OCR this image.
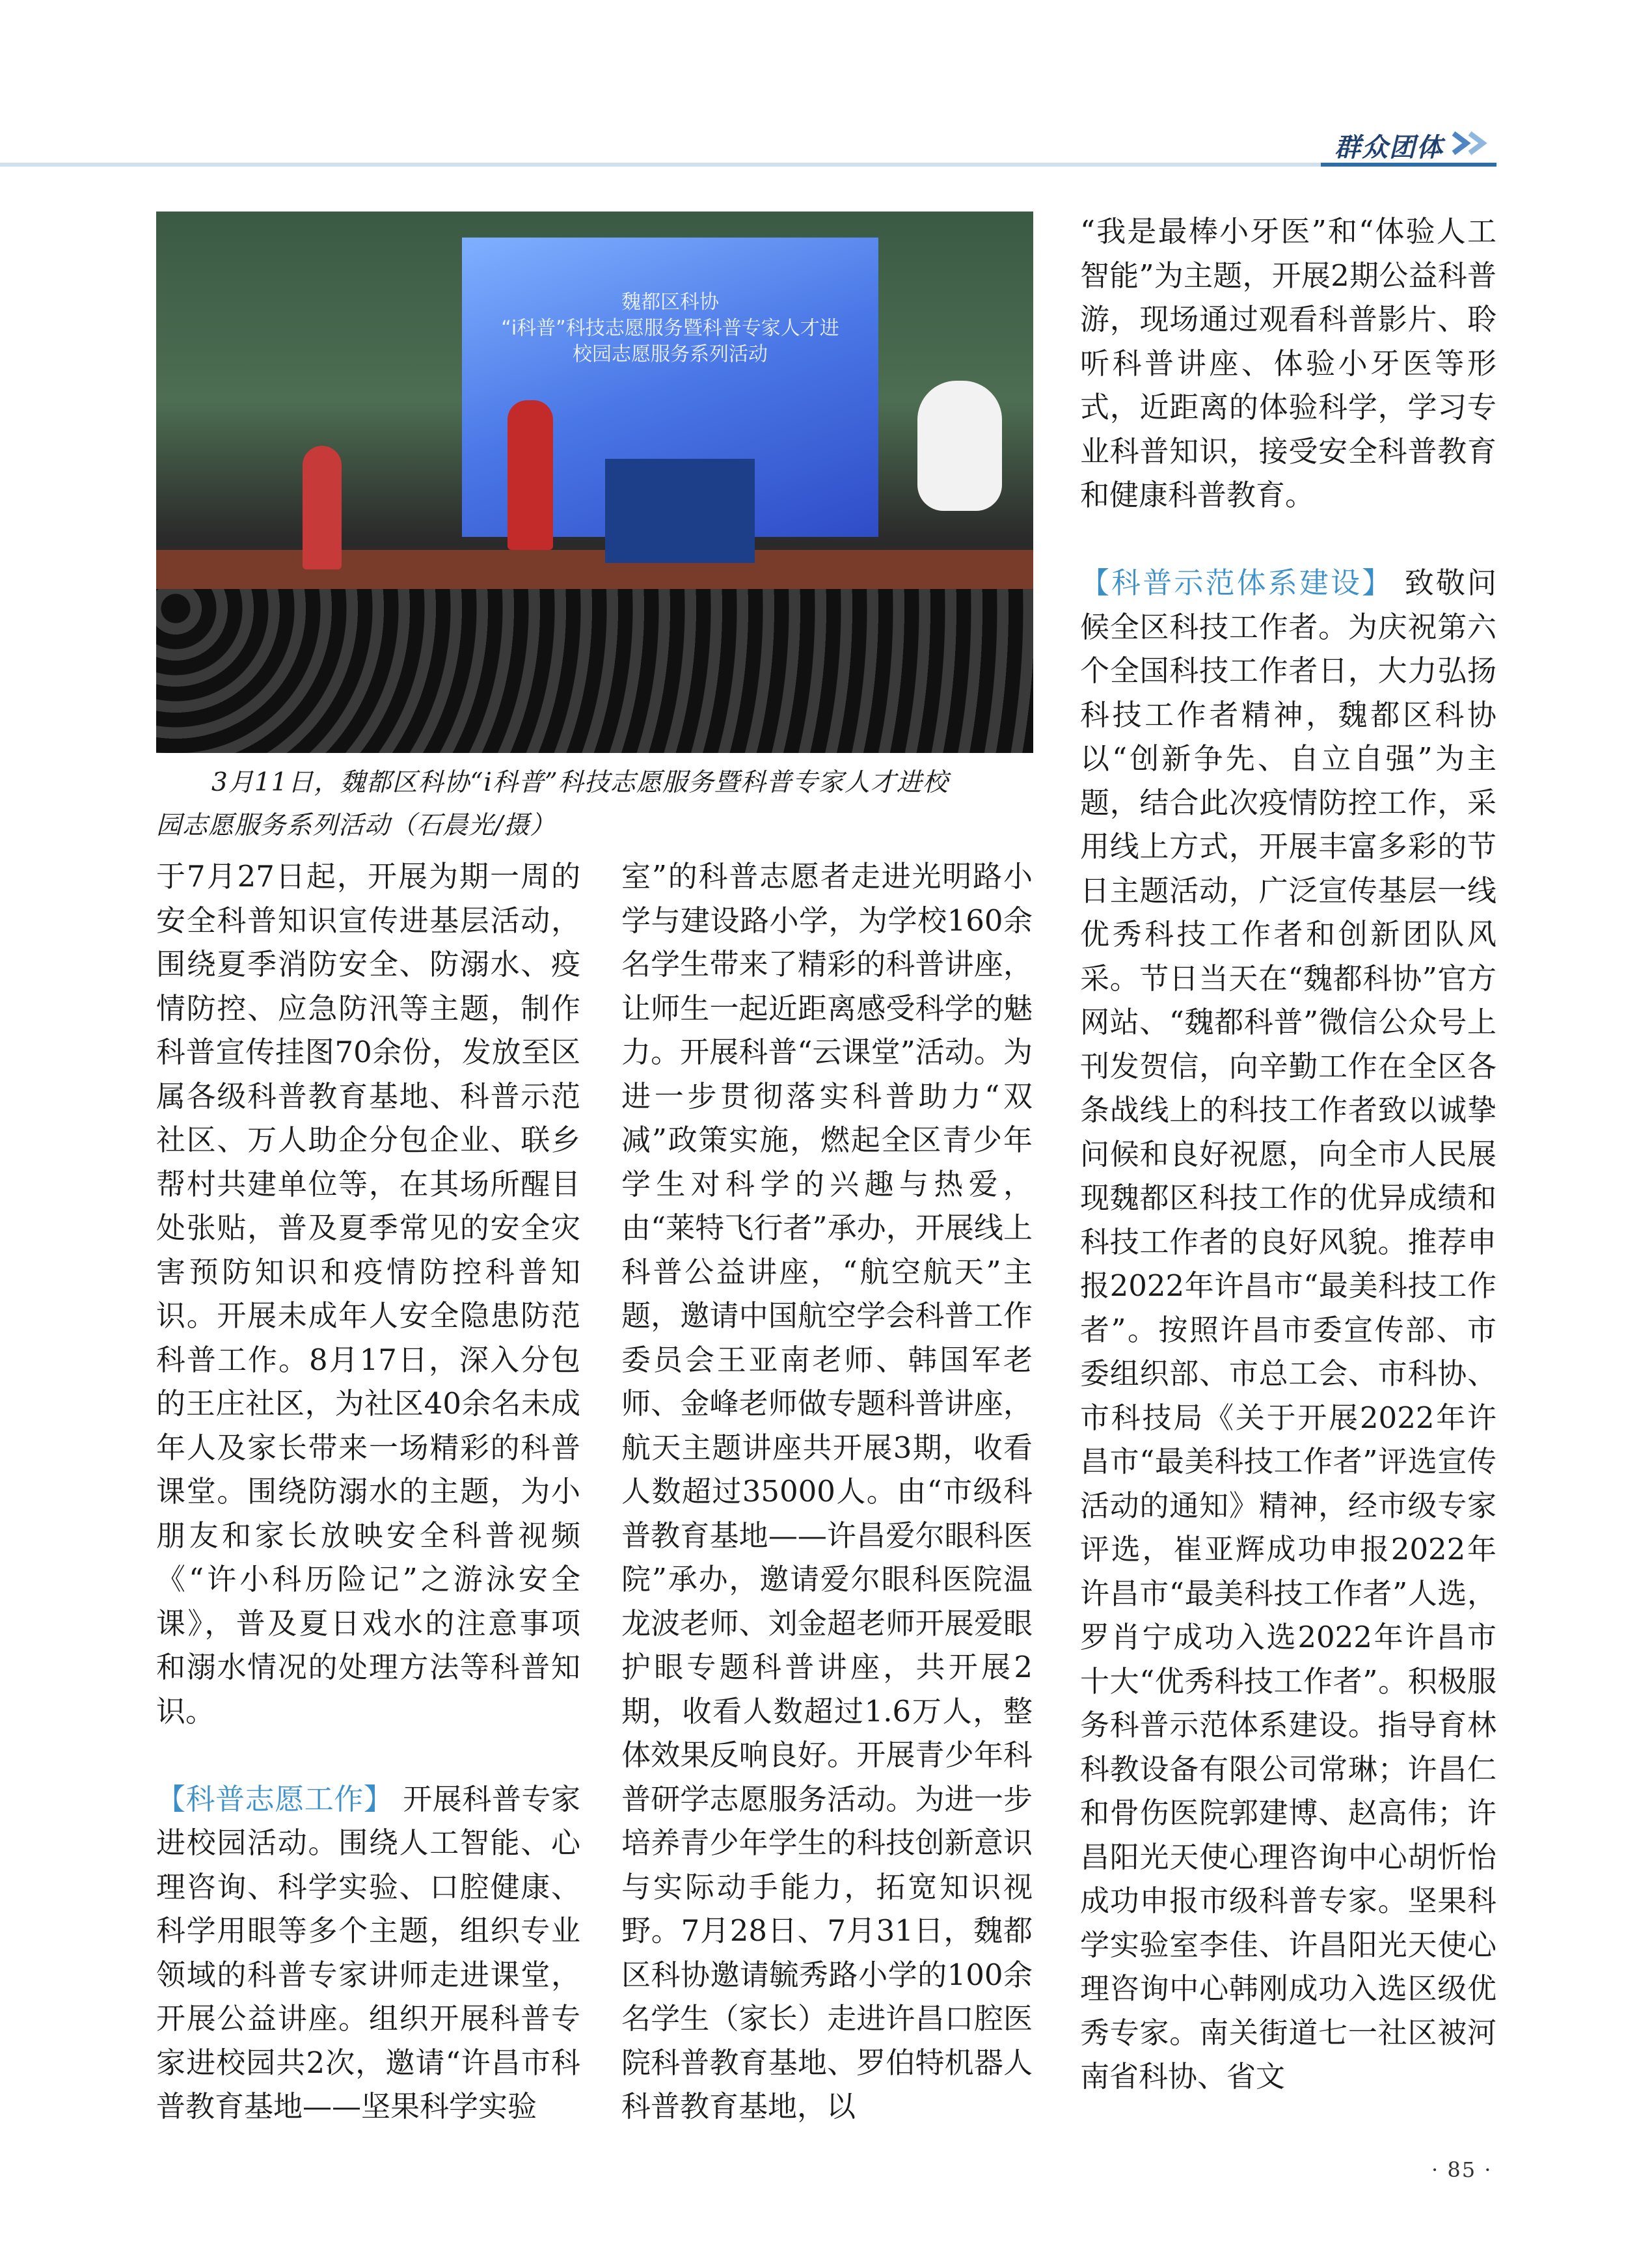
群众团体
魏都区科协
“i科普”科技志愿服务暨科普专家人才进校园志愿服务系列活动
3月11日，魏都区科协“i科普”科技志愿服务暨科普专家人才进校
园志愿服务系列活动（石晨光/摄）

于7月27日起，开展为期一周的安全科普知识宣传进基层活动，围绕夏季消防安全、防溺水、疫情防控、应急防汛等主题，制作科普宣传挂图70余份，发放至区属各级科普教育基地、科普示范社区、万人助企分包企业、联乡帮村共建单位等，在其场所醒目处张贴，普及夏季常见的安全灾害预防知识和疫情防控科普知识。开展未成年人安全隐患防范科普工作。8月17日，深入分包的王庄社区，为社区40余名未成年人及家长带来一场精彩的科普课堂。围绕防溺水的主题，为小朋友和家长放映安全科普视频《“许小科历险记”之游泳安全课》，普及夏日戏水的注意事项和溺水情况的处理方法等科普知识。

【科普志愿工作】 开展科普专家进校园活动。围绕人工智能、心理咨询、科学实验、口腔健康、科学用眼等多个主题，组织专业领域的科普专家讲师走进课堂，开展公益讲座。组织开展科普专家进校园共2次，邀请“许昌市科普教育基地——坚果科学实验

室”的科普志愿者走进光明路小学与建设路小学，为学校160余名学生带来了精彩的科普讲座，让师生一起近距离感受科学的魅力。开展科普“云课堂”活动。为进一步贯彻落实科普助力“双减”政策实施，燃起全区青少年学生对科学的兴趣与热爱，由“莱特飞行者”承办，开展线上科普公益讲座，“航空航天”主题，邀请中国航空学会科普工作委员会王亚南老师、韩国军老师、金峰老师做专题科普讲座，航天主题讲座共开展3期，收看人数超过35000人。由“市级科普教育基地——许昌爱尔眼科医院”承办，邀请爱尔眼科医院温龙波老师、刘金超老师开展爱眼护眼专题科普讲座，共开展2期，收看人数超过1.6万人，整体效果反响良好。开展青少年科普研学志愿服务活动。为进一步培养青少年学生的科技创新意识与实际动手能力，拓宽知识视野。7月28日、7月31日，魏都区科协邀请毓秀路小学的100余名学生（家长）走进许昌口腔医院科普教育基地、罗伯特机器人科普教育基地，以

“我是最棒小牙医”和“体验人工智能”为主题，开展2期公益科普游，现场通过观看科普影片、聆听科普讲座、体验小牙医等形式，近距离的体验科学，学习专业科普知识，接受安全科普教育和健康科普教育。

【科普示范体系建设】 致敬问候全区科技工作者。为庆祝第六个全国科技工作者日，大力弘扬科技工作者精神，魏都区科协以“创新争先、自立自强”为主题，结合此次疫情防控工作，采用线上方式，开展丰富多彩的节日主题活动，广泛宣传基层一线优秀科技工作者和创新团队风采。节日当天在“魏都科协”官方网站、“魏都科普”微信公众号上刊发贺信，向辛勤工作在全区各条战线上的科技工作者致以诚挚问候和良好祝愿，向全市人民展现魏都区科技工作的优异成绩和科技工作者的良好风貌。推荐申报2022年许昌市“最美科技工作者”。按照许昌市委宣传部、市委组织部、市总工会、市科协、市科技局《关于开展2022年许昌市“最美科技工作者”评选宣传活动的通知》精神，经市级专家评选，崔亚辉成功申报2022年许昌市“最美科技工作者”人选，罗肖宁成功入选2022年许昌市十大“优秀科技工作者”。积极服务科普示范体系建设。指导育林科教设备有限公司常琳；许昌仁和骨伤医院郭建博、赵高伟；许昌阳光天使心理咨询中心胡忻怡成功申报市级科普专家。坚果科学实验室李佳、许昌阳光天使心理咨询中心韩刚成功入选区级优秀专家。南关街道七一社区被河南省科协、省文

· 85 ·
